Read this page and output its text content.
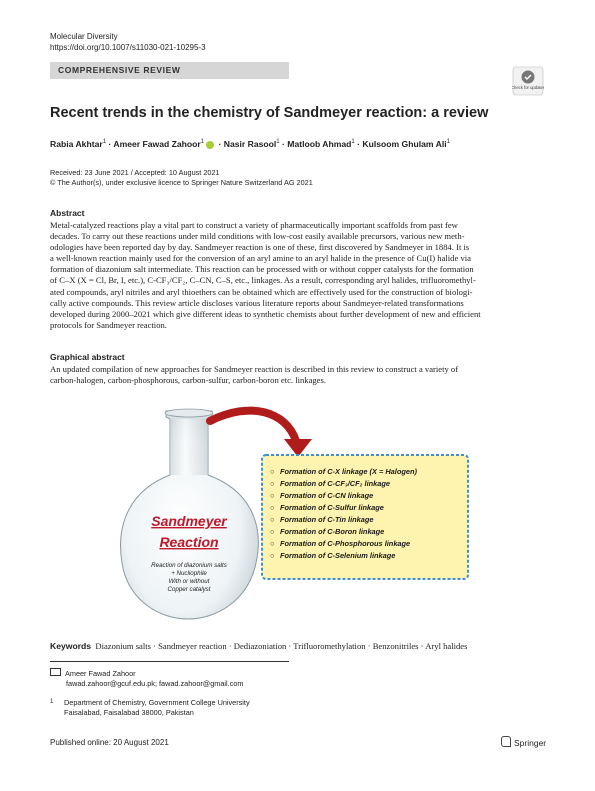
Molecular Diversity
https://doi.org/10.1007/s11030-021-10295-3
COMPREHENSIVE REVIEW
Check for updates
Recent trends in the chemistry of Sandmeyer reaction: a review
Rabia Akhtar$^1$ · Ameer Fawad Zahoor$^1$ · Nasir Rasool$^1$ · Matloob Ahmad$^1$ · Kulsoom Ghulam Ali$^1$
Received: 23 June 2021 / Accepted: 10 August 2021
© The Author(s), under exclusive licence to Springer Nature Switzerland AG 2021
Abstract
Metal-catalyzed reactions play a vital part to construct a variety of pharmaceutically important scaffolds from past few
decades. To carry out these reactions under mild conditions with low-cost easily available precursors, various new meth-
odologies have been reported day by day. Sandmeyer reaction is one of these, first discovered by Sandmeyer in 1884. It is
a well-known reaction mainly used for the conversion of an aryl amine to an aryl halide in the presence of Cu(I) halide via
formation of diazonium salt intermediate. This reaction can be processed with or without copper catalysts for the formation
of C–X (X = Cl, Br, I, etc.), C-CF₃/CF₂, C–CN, C–S, etc., linkages. As a result, corresponding aryl halides, trifluoromethyl-
ated compounds, aryl nitriles and aryl thioethers can be obtained which are effectively used for the construction of biologi-
cally active compounds. This review article discloses various literature reports about Sandmeyer-related transformations
developed during 2000–2021 which give different ideas to synthetic chemists about further development of new and efficient
protocols for Sandmeyer reaction.
Graphical abstract
An updated compilation of new approaches for Sandmeyer reaction is described in this review to construct a variety of
carbon-halogen, carbon-phosphorous, carbon-sulfur, carbon-boron etc. linkages.
Sandmeyer
Reaction
Reaction of diazonium salts
+ Nucliophile
With or without
Copper catalyst
○ Formation of C-X linkage (X = Halogen)
○ Formation of C-CF₃/CF₂ linkage
○ Formation of C-CN linkage
○ Formation of C-Sulfur linkage
○ Formation of C-Tin linkage
○ Formation of C-Boron linkage
○ Formation of C-Phosphorous linkage
○ Formation of C-Selenium linkage
Keywords Diazonium salts · Sandmeyer reaction · Dediazoniation · Trifluoromethylation · Benzonitriles · Aryl halides
Ameer Fawad Zahoor
fawad.zahoor@gcuf.edu.pk; fawad.zahoor@gmail.com
1 Department of Chemistry, Government College University
Faisalabad, Faisalabad 38000, Pakistan
Published online: 20 August 2021	Springer
